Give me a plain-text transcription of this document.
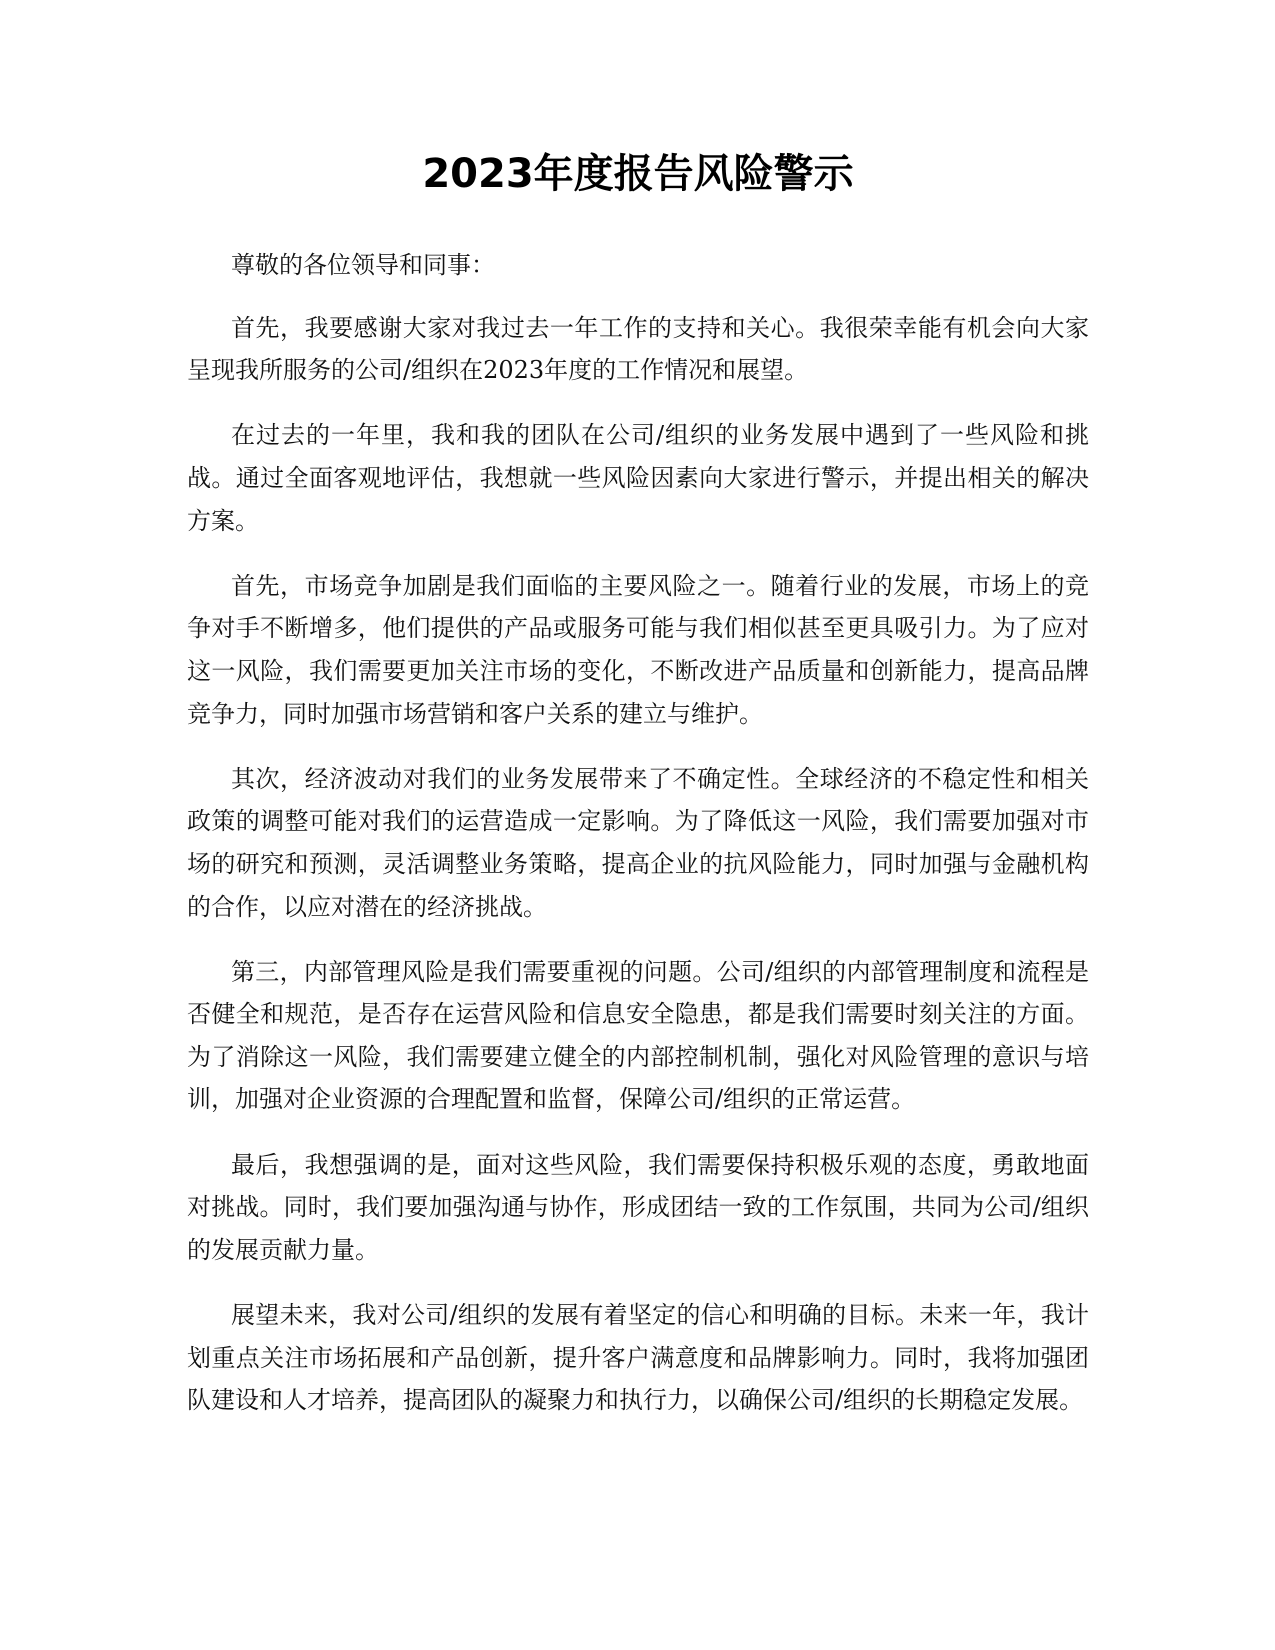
2023年度报告风险警示

尊敬的各位领导和同事：

首先，我要感谢大家对我过去一年工作的支持和关心。我很荣幸能有机会向大家呈现我所服务的公司/组织在2023年度的工作情况和展望。

在过去的一年里，我和我的团队在公司/组织的业务发展中遇到了一些风险和挑战。通过全面客观地评估，我想就一些风险因素向大家进行警示，并提出相关的解决方案。

首先，市场竞争加剧是我们面临的主要风险之一。随着行业的发展，市场上的竞争对手不断增多，他们提供的产品或服务可能与我们相似甚至更具吸引力。为了应对这一风险，我们需要更加关注市场的变化，不断改进产品质量和创新能力，提高品牌竞争力，同时加强市场营销和客户关系的建立与维护。

其次，经济波动对我们的业务发展带来了不确定性。全球经济的不稳定性和相关政策的调整可能对我们的运营造成一定影响。为了降低这一风险，我们需要加强对市场的研究和预测，灵活调整业务策略，提高企业的抗风险能力，同时加强与金融机构的合作，以应对潜在的经济挑战。

第三，内部管理风险是我们需要重视的问题。公司/组织的内部管理制度和流程是否健全和规范，是否存在运营风险和信息安全隐患，都是我们需要时刻关注的方面。为了消除这一风险，我们需要建立健全的内部控制机制，强化对风险管理的意识与培训，加强对企业资源的合理配置和监督，保障公司/组织的正常运营。

最后，我想强调的是，面对这些风险，我们需要保持积极乐观的态度，勇敢地面对挑战。同时，我们要加强沟通与协作，形成团结一致的工作氛围，共同为公司/组织的发展贡献力量。

展望未来，我对公司/组织的发展有着坚定的信心和明确的目标。未来一年，我计划重点关注市场拓展和产品创新，提升客户满意度和品牌影响力。同时，我将加强团队建设和人才培养，提高团队的凝聚力和执行力，以确保公司/组织的长期稳定发展。
